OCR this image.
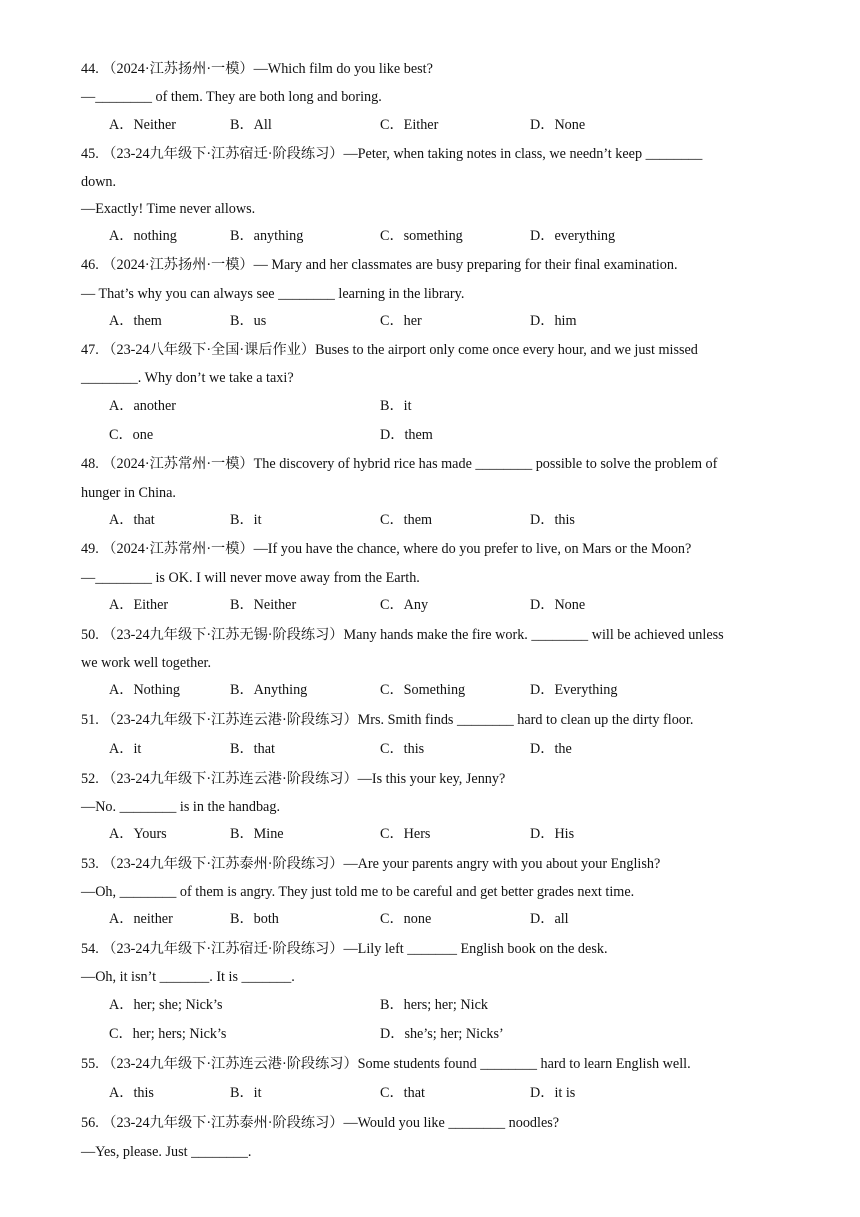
44. （2024·江苏扬州·一模）—Which film do you like best?
—________ of them. They are both long and boring.
A．Neither	B．All	C．Either	D．None
45. （23-24九年级下·江苏宿迁·阶段练习）—Peter, when taking notes in class, we needn’t keep ________
down.
—Exactly! Time never allows.
A．nothing	B．anything	C．something	D．everything
46. （2024·江苏扬州·一模）— Mary and her classmates are busy preparing for their final examination.
— That’s why you can always see ________ learning in the library.
A．them	B．us	C．her	D．him
47. （23-24八年级下·全国·课后作业）Buses to the airport only come once every hour, and we just missed
________. Why don’t we take a taxi?
A．another	B．it
C．one	D．them
48. （2024·江苏常州·一模）The discovery of hybrid rice has made ________ possible to solve the problem of
hunger in China.
A．that	B．it	C．them	D．this
49. （2024·江苏常州·一模）—If you have the chance, where do you prefer to live, on Mars or the Moon?
—________ is OK. I will never move away from the Earth.
A．Either	B．Neither	C．Any	D．None
50. （23-24九年级下·江苏无锡·阶段练习）Many hands make the fire work. ________ will be achieved unless
we work well together.
A．Nothing	B．Anything	C．Something	D．Everything
51. （23-24九年级下·江苏连云港·阶段练习）Mrs. Smith finds ________ hard to clean up the dirty floor.
A．it	B．that	C．this	D．the
52. （23-24九年级下·江苏连云港·阶段练习）—Is this your key, Jenny?
—No. ________ is in the handbag.
A．Yours	B．Mine	C．Hers	D．His
53. （23-24九年级下·江苏泰州·阶段练习）—Are your parents angry with you about your English?
—Oh, ________ of them is angry. They just told me to be careful and get better grades next time.
A．neither	B．both	C．none	D．all
54. （23-24九年级下·江苏宿迁·阶段练习）—Lily left _______ English book on the desk.
—Oh, it isn’t _______. It is _______.
A．her; she; Nick’s	B．hers; her; Nick
C．her; hers; Nick’s	D．she’s; her; Nicks’
55. （23-24九年级下·江苏连云港·阶段练习）Some students found ________ hard to learn English well.
A．this	B．it	C．that	D．it is
56. （23-24九年级下·江苏泰州·阶段练习）—Would you like ________ noodles?
—Yes, please. Just ________.
